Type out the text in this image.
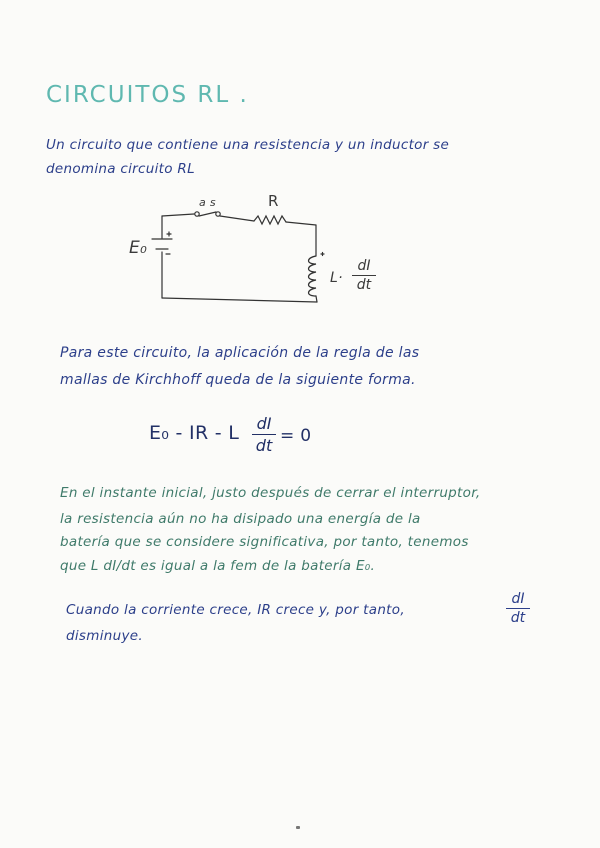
CIRCUITOS RL .
Un circuito que contiene una resistencia y un inductor se
denomina circuito RL
a s	R
E₀
L·
dI
dt
Para este circuito, la aplicación de la regla de las
mallas de Kirchhoff queda de la siguiente forma.
E₀ - IR - L dI
dt = 0
En el instante inicial, justo después de cerrar el interruptor,
la resistencia aún no ha disipado una energía de la
batería que se considere significativa, por tanto, tenemos
que L dI/dt es igual a la fem de la batería E₀.
Cuando la corriente crece, IR crece y, por tanto,
dI
dt
disminuye.
